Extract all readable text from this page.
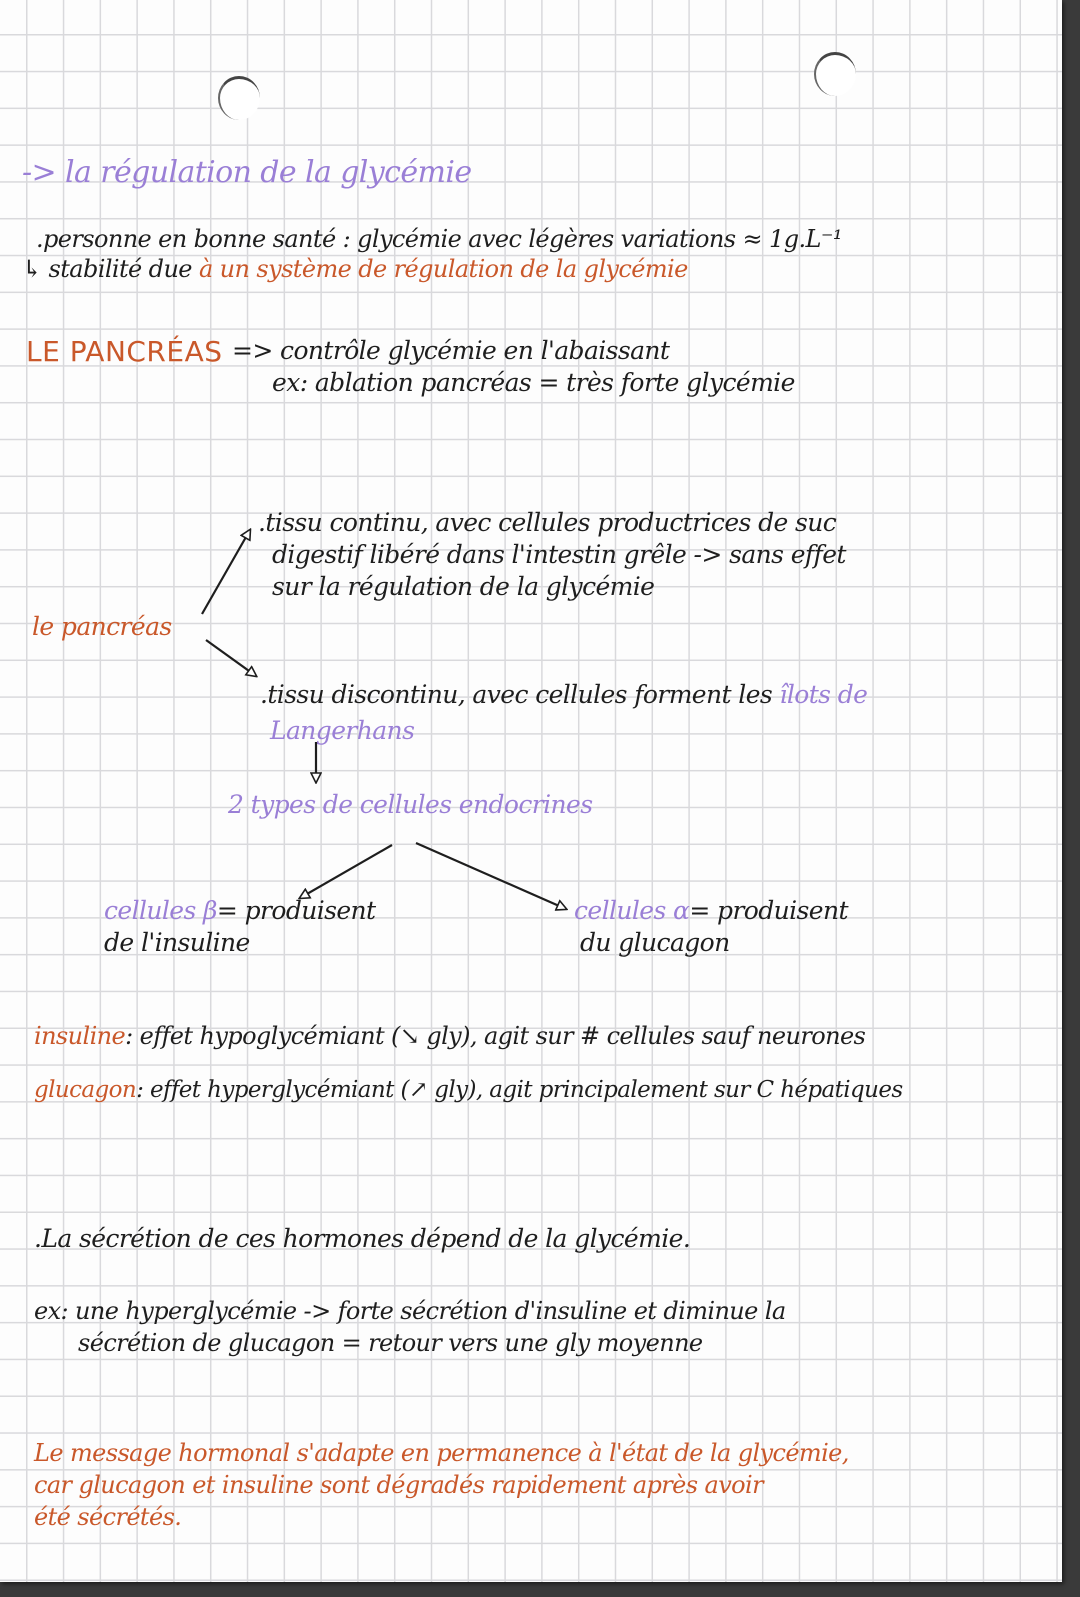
-> la régulation de la glycémie
.personne en bonne santé : glycémie avec légères variations ≈ 1g.L⁻¹
↳ stabilité due à un système de régulation de la glycémie
LE PANCRÉAS => contrôle glycémie en l'abaissant
ex: ablation pancréas = très forte glycémie
le pancréas
.tissu continu, avec cellules productrices de suc
digestif libéré dans l'intestin grêle -> sans effet
sur la régulation de la glycémie
.tissu discontinu, avec cellules forment les îlots de
Langerhans
2 types de cellules endocrines
cellules β= produisent
de l'insuline
cellules α= produisent
du glucagon
insuline: effet hypoglycémiant (↘ gly), agit sur # cellules sauf neurones
glucagon: effet hyperglycémiant (↗ gly), agit principalement sur C hépatiques
.La sécrétion de ces hormones dépend de la glycémie.
ex: une hyperglycémie -> forte sécrétion d'insuline et diminue la
sécrétion de glucagon = retour vers une gly moyenne
Le message hormonal s'adapte en permanence à l'état de la glycémie,
car glucagon et insuline sont dégradés rapidement après avoir
été sécrétés.
